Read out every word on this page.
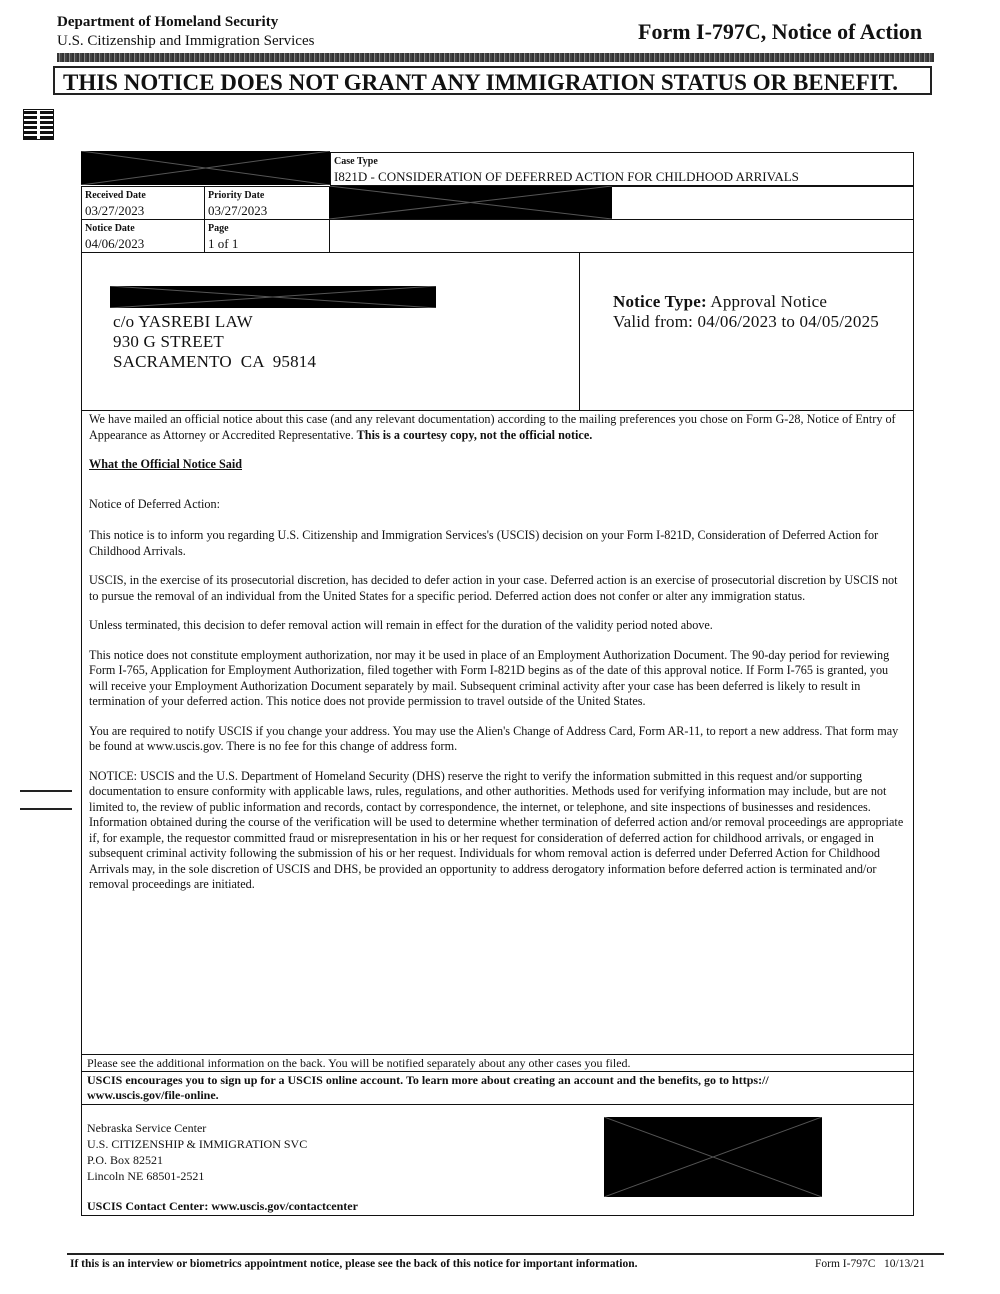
Department of Homeland Security
U.S. Citizenship and Immigration Services	Form I-797C, Notice of Action
THIS NOTICE DOES NOT GRANT ANY IMMIGRATION STATUS OR BENEFIT.
Case Type
I821D - CONSIDERATION OF DEFERRED ACTION FOR CHILDHOOD ARRIVALS
Received Date
03/27/2023
Priority Date
03/27/2023
Notice Date
04/06/2023
Page
1 of 1
c/o YASREBI LAW
930 G STREET
SACRAMENTO  CA  95814
Notice Type: Approval Notice
Valid from: 04/06/2023 to 04/05/2025

We have mailed an official notice about this case (and any relevant documentation) according to the mailing preferences you chose on Form G-28, Notice of Entry of Appearance as Attorney or Accredited Representative. This is a courtesy copy, not the official notice.

What the Official Notice Said

Notice of Deferred Action:

This notice is to inform you regarding U.S. Citizenship and Immigration Services's (USCIS) decision on your Form I-821D, Consideration of Deferred Action for Childhood Arrivals.

USCIS, in the exercise of its prosecutorial discretion, has decided to defer action in your case. Deferred action is an exercise of prosecutorial discretion by USCIS not to pursue the removal of an individual from the United States for a specific period. Deferred action does not confer or alter any immigration status.

Unless terminated, this decision to defer removal action will remain in effect for the duration of the validity period noted above.

This notice does not constitute employment authorization, nor may it be used in place of an Employment Authorization Document. The 90-day period for reviewing Form I-765, Application for Employment Authorization, filed together with Form I-821D begins as of the date of this approval notice. If Form I-765 is granted, you will receive your Employment Authorization Document separately by mail. Subsequent criminal activity after your case has been deferred is likely to result in termination of your deferred action. This notice does not provide permission to travel outside of the United States.

You are required to notify USCIS if you change your address. You may use the Alien's Change of Address Card, Form AR-11, to report a new address. That form may be found at www.uscis.gov. There is no fee for this change of address form.

NOTICE: USCIS and the U.S. Department of Homeland Security (DHS) reserve the right to verify the information submitted in this request and/or supporting documentation to ensure conformity with applicable laws, rules, regulations, and other authorities. Methods used for verifying information may include, but are not limited to, the review of public information and records, contact by correspondence, the internet, or telephone, and site inspections of businesses and residences. Information obtained during the course of the verification will be used to determine whether termination of deferred action and/or removal proceedings are appropriate if, for example, the requestor committed fraud or misrepresentation in his or her request for consideration of deferred action for childhood arrivals, or engaged in subsequent criminal activity following the submission of his or her request. Individuals for whom removal action is deferred under Deferred Action for Childhood Arrivals may, in the sole discretion of USCIS and DHS, be provided an opportunity to address derogatory information before deferred action is terminated and/or removal proceedings are initiated.

Please see the additional information on the back. You will be notified separately about any other cases you filed.
USCIS encourages you to sign up for a USCIS online account. To learn more about creating an account and the benefits, go to https://
www.uscis.gov/file-online.
Nebraska Service Center
U.S. CITIZENSHIP & IMMIGRATION SVC
P.O. Box 82521
Lincoln NE 68501-2521
USCIS Contact Center: www.uscis.gov/contactcenter
If this is an interview or biometrics appointment notice, please see the back of this notice for important information.	Form I-797C   10/13/21
